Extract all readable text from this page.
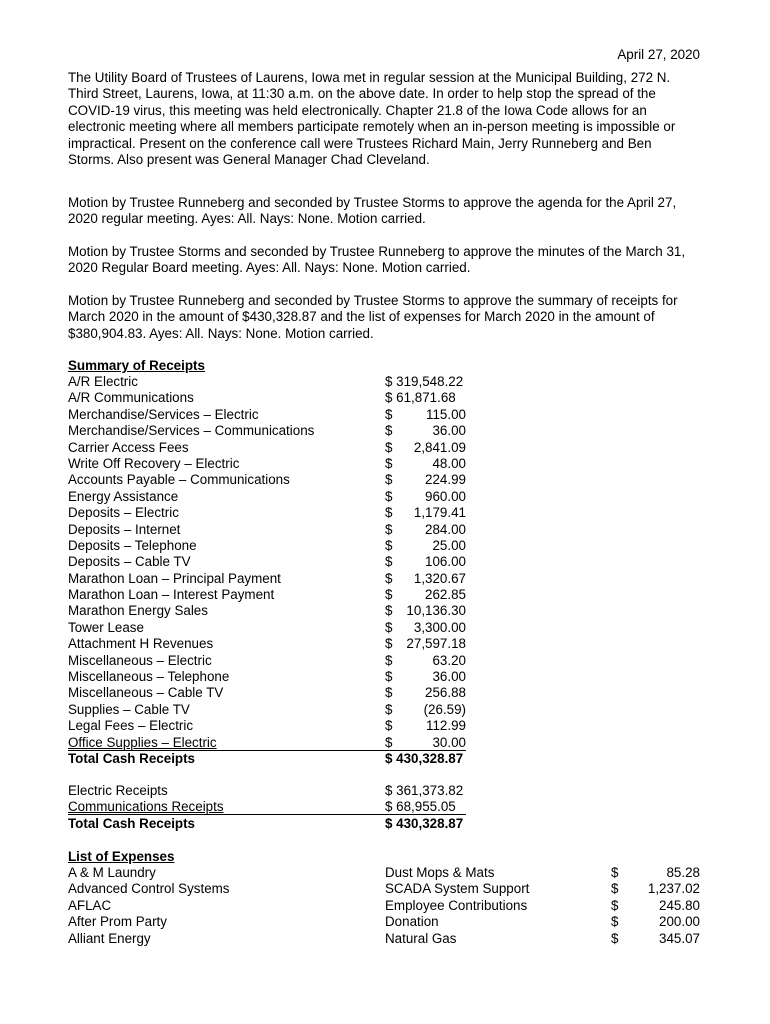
April 27, 2020

The Utility Board of Trustees of Laurens, Iowa met in regular session at the Municipal Building, 272 N. Third Street, Laurens, Iowa, at 11:30 a.m. on the above date. In order to help stop the spread of the COVID-19 virus, this meeting was held electronically. Chapter 21.8 of the Iowa Code allows for an electronic meeting where all members participate remotely when an in-person meeting is impossible or impractical. Present on the conference call were Trustees Richard Main, Jerry Runneberg and Ben Storms. Also present was General Manager Chad Cleveland.

Motion by Trustee Runneberg and seconded by Trustee Storms to approve the agenda for the April 27, 2020 regular meeting. Ayes: All. Nays: None. Motion carried.

Motion by Trustee Storms and seconded by Trustee Runneberg to approve the minutes of the March 31, 2020 Regular Board meeting. Ayes: All. Nays: None. Motion carried.

Motion by Trustee Runneberg and seconded by Trustee Storms to approve the summary of receipts for March 2020 in the amount of $430,328.87 and the list of expenses for March 2020 in the amount of $380,904.83. Ayes: All. Nays: None. Motion carried.

Summary of Receipts
A/R Electric	$ 319,548.22
A/R Communications	$ 61,871.68
Merchandise/Services – Electric	$	115.00
Merchandise/Services – Communications	$	36.00
Carrier Access Fees	$	2,841.09
Write Off Recovery – Electric	$	48.00
Accounts Payable – Communications	$	224.99
Energy Assistance	$	960.00
Deposits – Electric	$	1,179.41
Deposits – Internet	$	284.00
Deposits – Telephone	$	25.00
Deposits – Cable TV	$	106.00
Marathon Loan – Principal Payment	$	1,320.67
Marathon Loan – Interest Payment	$	262.85
Marathon Energy Sales	$	10,136.30
Tower Lease	$	3,300.00
Attachment H Revenues	$	27,597.18
Miscellaneous – Electric	$	63.20
Miscellaneous – Telephone	$	36.00
Miscellaneous – Cable TV	$	256.88
Supplies – Cable TV	$	(26.59)
Legal Fees – Electric	$	112.99
Office Supplies – Electric	$	30.00
Total Cash Receipts	$ 430,328.87
Electric Receipts	$ 361,373.82
Communications Receipts	$ 68,955.05
Total Cash Receipts	$ 430,328.87
List of Expenses
A & M Laundry	Dust Mops & Mats	$	85.28
Advanced Control Systems	SCADA System Support	$	1,237.02
AFLAC	Employee Contributions	$	245.80
After Prom Party	Donation	$	200.00
Alliant Energy	Natural Gas	$	345.07
